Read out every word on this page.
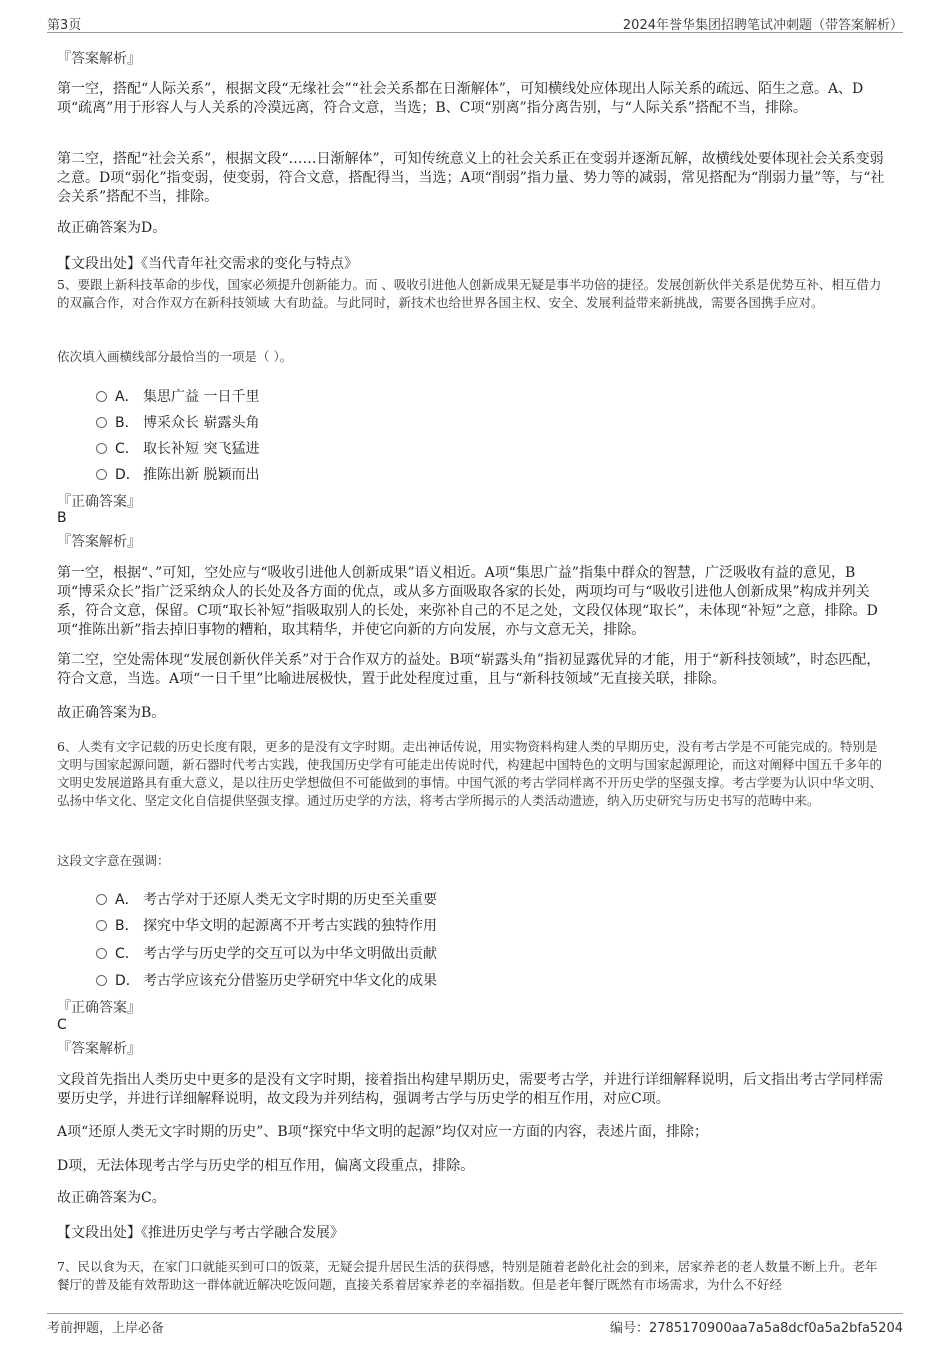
第3页	2024年誉华集团招聘笔试冲刺题（带答案解析）
『答案解析』
第一空，搭配“人际关系”，根据文段“无缘社会”“社会关系都在日渐解体”，可知横线处应体现出人际关系的疏远、陌生之意。A、D项“疏离”用于形容人与人关系的冷漠远离，符合文意，当选；B、C项“别离”指分离告别，与“人际关系”搭配不当，排除。
第二空，搭配“社会关系”，根据文段“……日渐解体”，可知传统意义上的社会关系正在变弱并逐渐瓦解，故横线处要体现社会关系变弱之意。D项“弱化”指变弱，使变弱，符合文意，搭配得当，当选；A项“削弱”指力量、势力等的减弱，常见搭配为“削弱力量”等，与“社会关系”搭配不当，排除。
故正确答案为D。
【文段出处】《当代青年社交需求的变化与特点》
5、要跟上新科技革命的步伐，国家必须提升创新能力。而 、吸收引进他人创新成果无疑是事半功倍的捷径。发展创新伙伴关系是优势互补、相互借力的双赢合作，对合作双方在新科技领域 大有助益。与此同时，新技术也给世界各国主权、安全、发展利益带来新挑战，需要各国携手应对。
依次填入画横线部分最恰当的一项是（ ）。
A． 集思广益 一日千里
B． 博采众长 崭露头角
C． 取长补短 突飞猛进
D． 推陈出新 脱颖而出
『正确答案』
B
『答案解析』
第一空，根据“、”可知，空处应与“吸收引进他人创新成果”语义相近。A项“集思广益”指集中群众的智慧，广泛吸收有益的意见，B项“博采众长”指广泛采纳众人的长处及各方面的优点，或从多方面吸取各家的长处，两项均可与“吸收引进他人创新成果”构成并列关系，符合文意，保留。C项“取长补短”指吸取别人的长处，来弥补自己的不足之处，文段仅体现“取长”，未体现“补短”之意，排除。D项“推陈出新”指去掉旧事物的糟粕，取其精华，并使它向新的方向发展，亦与文意无关，排除。
第二空，空处需体现“发展创新伙伴关系”对于合作双方的益处。B项“崭露头角”指初显露优异的才能，用于“新科技领域”，时态匹配，符合文意，当选。A项“一日千里”比喻进展极快，置于此处程度过重，且与“新科技领域”无直接关联，排除。
故正确答案为B。
6、人类有文字记载的历史长度有限，更多的是没有文字时期。走出神话传说，用实物资料构建人类的早期历史，没有考古学是不可能完成的。特别是文明与国家起源问题，新石器时代考古实践，使我国历史学有可能走出传说时代，构建起中国特色的文明与国家起源理论，而这对阐释中国五千多年的文明史发展道路具有重大意义，是以往历史学想做但不可能做到的事情。中国气派的考古学同样离不开历史学的坚强支撑。考古学要为认识中华文明、弘扬中华文化、坚定文化自信提供坚强支撑。通过历史学的方法，将考古学所揭示的人类活动遗迹，纳入历史研究与历史书写的范畴中来。
这段文字意在强调：
A． 考古学对于还原人类无文字时期的历史至关重要
B． 探究中华文明的起源离不开考古实践的独特作用
C． 考古学与历史学的交互可以为中华文明做出贡献
D． 考古学应该充分借鉴历史学研究中华文化的成果
『正确答案』
C
『答案解析』
文段首先指出人类历史中更多的是没有文字时期，接着指出构建早期历史，需要考古学，并进行详细解释说明，后文指出考古学同样需要历史学，并进行详细解释说明，故文段为并列结构，强调考古学与历史学的相互作用，对应C项。
A项“还原人类无文字时期的历史”、B项“探究中华文明的起源”均仅对应一方面的内容，表述片面，排除；
D项，无法体现考古学与历史学的相互作用，偏离文段重点，排除。
故正确答案为C。
【文段出处】《推进历史学与考古学融合发展》
7、民以食为天，在家门口就能买到可口的饭菜，无疑会提升居民生活的获得感，特别是随着老龄化社会的到来，居家养老的老人数量不断上升。老年餐厅的普及能有效帮助这一群体就近解决吃饭问题，直接关系着居家养老的幸福指数。但是老年餐厅既然有市场需求，为什么不好经
考前押题，上岸必备	编号：2785170900aa7a5a8dcf0a5a2bfa5204
